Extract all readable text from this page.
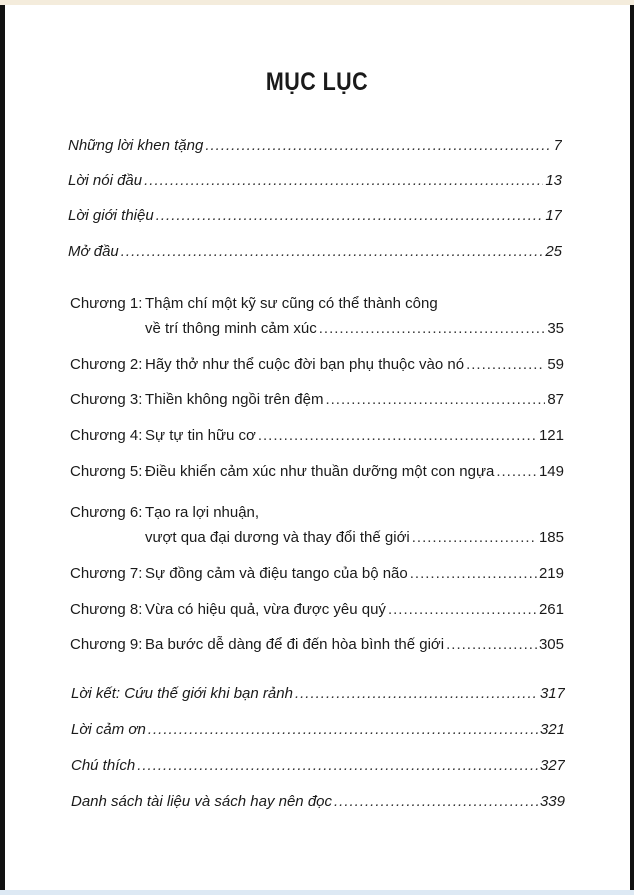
MỤC LỤC
Những lời khen tặng .....	7
Lời nói đầu .....	13
Lời giới thiệu .....	17
Mở đầu .....	25
Chương 1: Thậm chí một kỹ sư cũng có thể thành công
về trí thông minh cảm xúc .....	35
Chương 2: Hãy thở như thể cuộc đời bạn phụ thuộc vào nó .....	59
Chương 3: Thiền không ngồi trên đệm .....	87
Chương 4: Sự tự tin hữu cơ .....	121
Chương 5: Điều khiển cảm xúc như thuần dưỡng một con ngựa .....	149
Chương 6: Tạo ra lợi nhuận,
vượt qua đại dương và thay đổi thế giới .....	185
Chương 7: Sự đồng cảm và điệu tango của bộ não .....	219
Chương 8: Vừa có hiệu quả, vừa được yêu quý .....	261
Chương 9: Ba bước dễ dàng để đi đến hòa bình thế giới .....	305
Lời kết: Cứu thế giới khi bạn rảnh .....	317
Lời cảm ơn .....	321
Chú thích .....	327
Danh sách tài liệu và sách hay nên đọc .....	339
